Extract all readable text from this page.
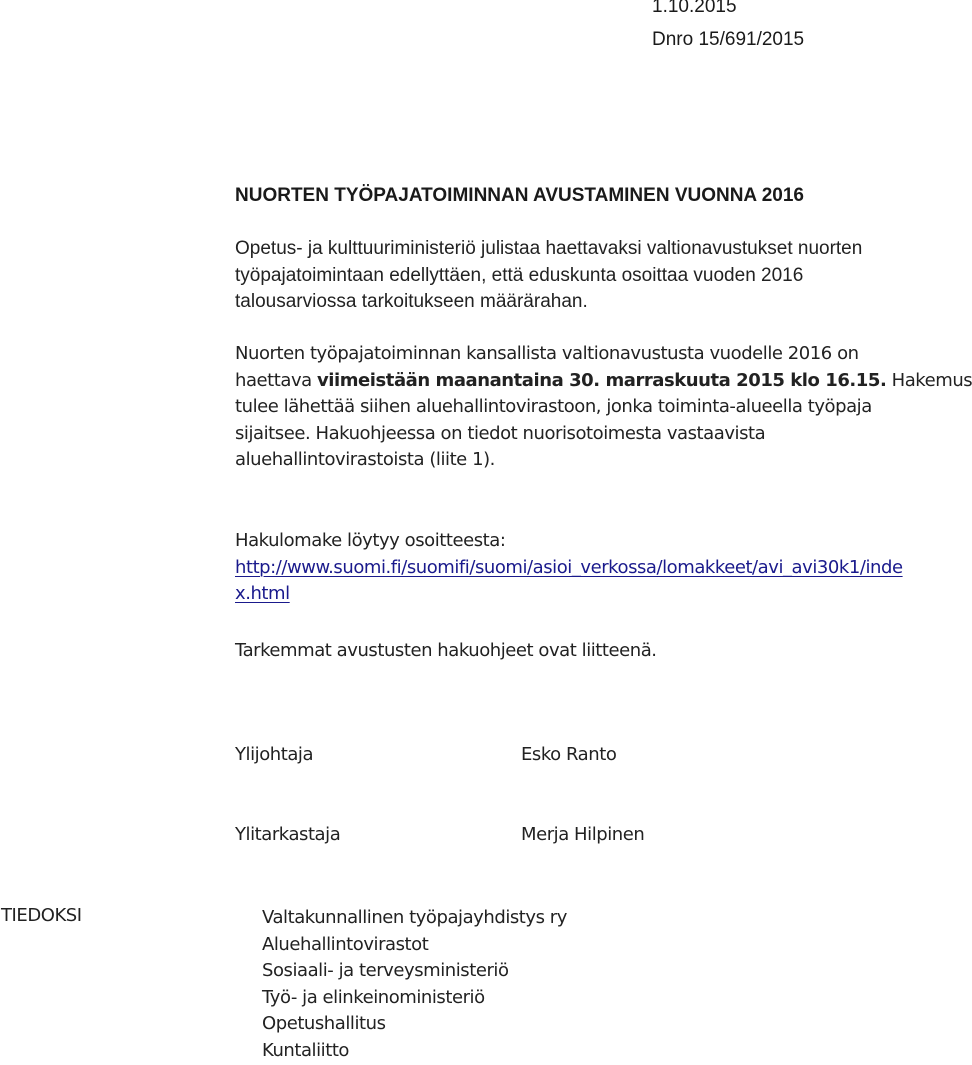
1.10.2015
Dnro 15/691/2015
NUORTEN TYÖPAJATOIMINNAN AVUSTAMINEN VUONNA 2016
Opetus- ja kulttuuriministeriö julistaa haettavaksi valtionavustukset nuorten
työpajatoimintaan edellyttäen, että eduskunta osoittaa vuoden 2016
talousarviossa tarkoitukseen määrärahan.
Nuorten työpajatoiminnan kansallista valtionavustusta vuodelle 2016 on
haettava viimeistään maanantaina 30. marraskuuta 2015 klo 16.15. Hakemus
tulee lähettää siihen aluehallintovirastoon, jonka toiminta-alueella työpaja
sijaitsee. Hakuohjeessa on tiedot nuorisotoimesta vastaavista
aluehallintovirastoista (liite 1).
Hakulomake löytyy osoitteesta:
http://www.suomi.fi/suomifi/suomi/asioi_verkossa/lomakkeet/avi_avi30k1/inde
x.html
Tarkemmat avustusten hakuohjeet ovat liitteenä.
Ylijohtaja	Esko Ranto
Ylitarkastaja	Merja Hilpinen
TIEDOKSI	Valtakunnallinen työpajayhdistys ry
Aluehallintovirastot
Sosiaali- ja terveysministeriö
Työ- ja elinkeinoministeriö
Opetushallitus
Kuntaliitto
